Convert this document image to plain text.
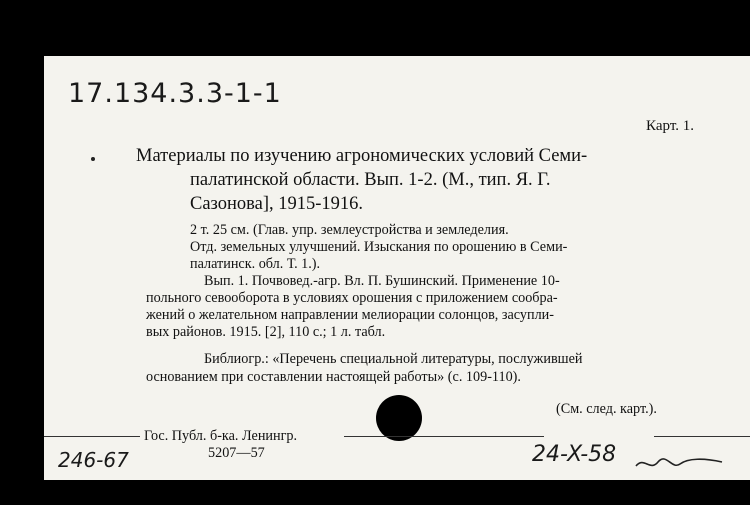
17.134.3.3-1-1
Карт. 1.
Материалы по изучению агрономических условий Семи-
палатинской области. Вып. 1-2. (М., тип. Я. Г.
Сазонова], 1915-1916.
2 т. 25 см. (Глав. упр. землеустройства и земледелия.
Отд. земельных улучшений. Изыскания по орошению в Семи-
палатинск. обл. Т. 1.).
Вып. 1. Почвовед.-агр. Вл. П. Бушинский. Применение 10-
польного севооборота в условиях орошения с приложением сообра-
жений о желательном направлении мелиорации солонцов, засупли-
вых районов. 1915. [2], 110 с.; 1 л. табл.
Библиогр.: «Перечень специальной литературы, послужившей
основанием при составлении настоящей работы» (с. 109-110).
(См. след. карт.).
Гос. Публ. б-ка. Ленингр.
5207—57
246-67	24-X-58
